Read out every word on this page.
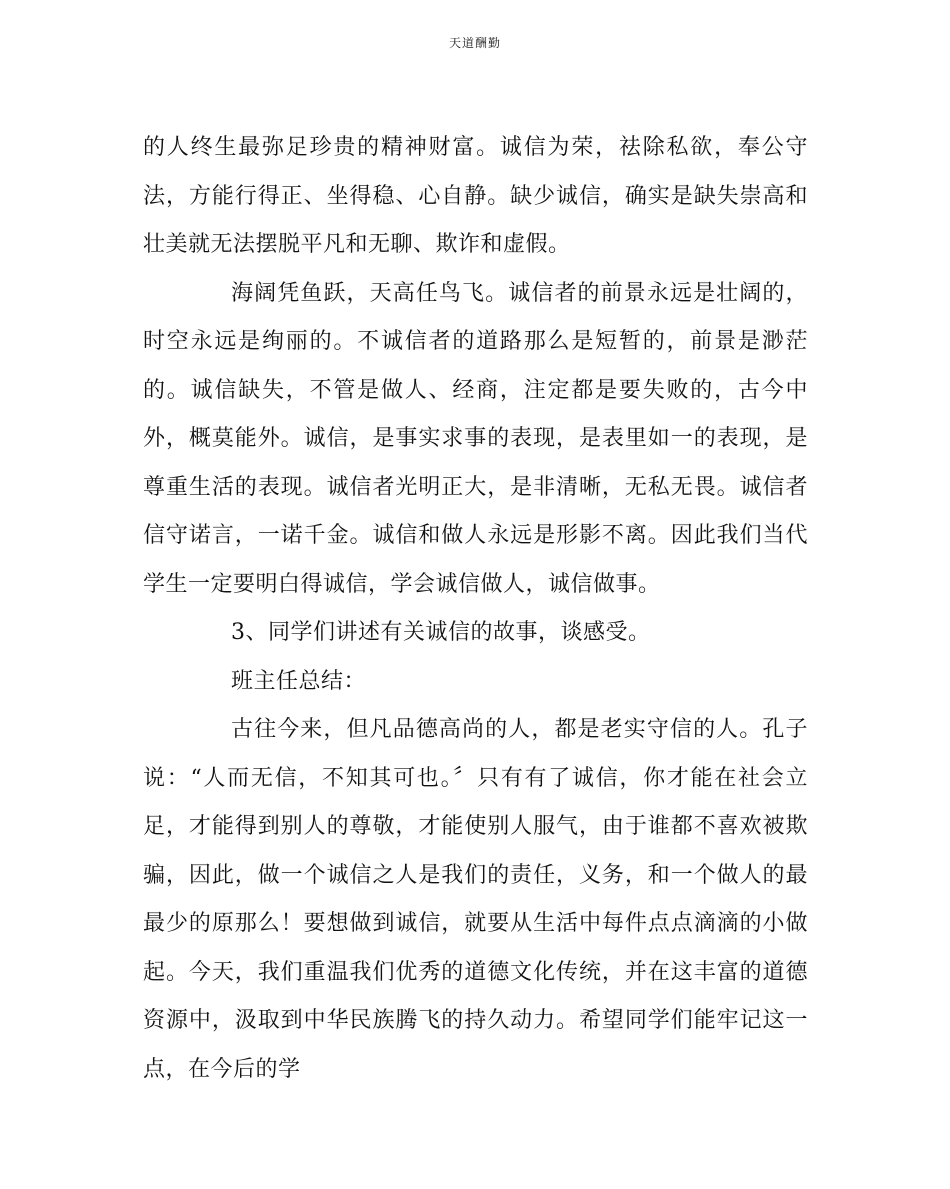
天道酬勤

的人终生最弥足珍贵的精神财富。诚信为荣，祛除私欲，奉公守法，方能行得正、坐得稳、心自静。缺少诚信，确实是缺失崇高和壮美就无法摆脱平凡和无聊、欺诈和虚假。

海阔凭鱼跃，天高任鸟飞。诚信者的前景永远是壮阔的，时空永远是绚丽的。不诚信者的道路那么是短暂的，前景是渺茫的。诚信缺失，不管是做人、经商，注定都是要失败的，古今中外，概莫能外。诚信，是事实求事的表现，是表里如一的表现，是尊重生活的表现。诚信者光明正大，是非清晰，无私无畏。诚信者信守诺言，一诺千金。诚信和做人永远是形影不离。因此我们当代学生一定要明白得诚信，学会诚信做人，诚信做事。

3、同学们讲述有关诚信的故事，谈感受。

班主任总结：

古往今来，但凡品德高尚的人，都是老实守信的人。孔子说：“人而无信，不知其可也。〞只有有了诚信，你才能在社会立足，才能得到别人的尊敬，才能使别人服气，由于谁都不喜欢被欺骗，因此，做一个诚信之人是我们的责任，义务，和一个做人的最最少的原那么！要想做到诚信，就要从生活中每件点点滴滴的小做起。今天，我们重温我们优秀的道德文化传统，并在这丰富的道德资源中，汲取到中华民族腾飞的持久动力。希望同学们能牢记这一点，在今后的学
